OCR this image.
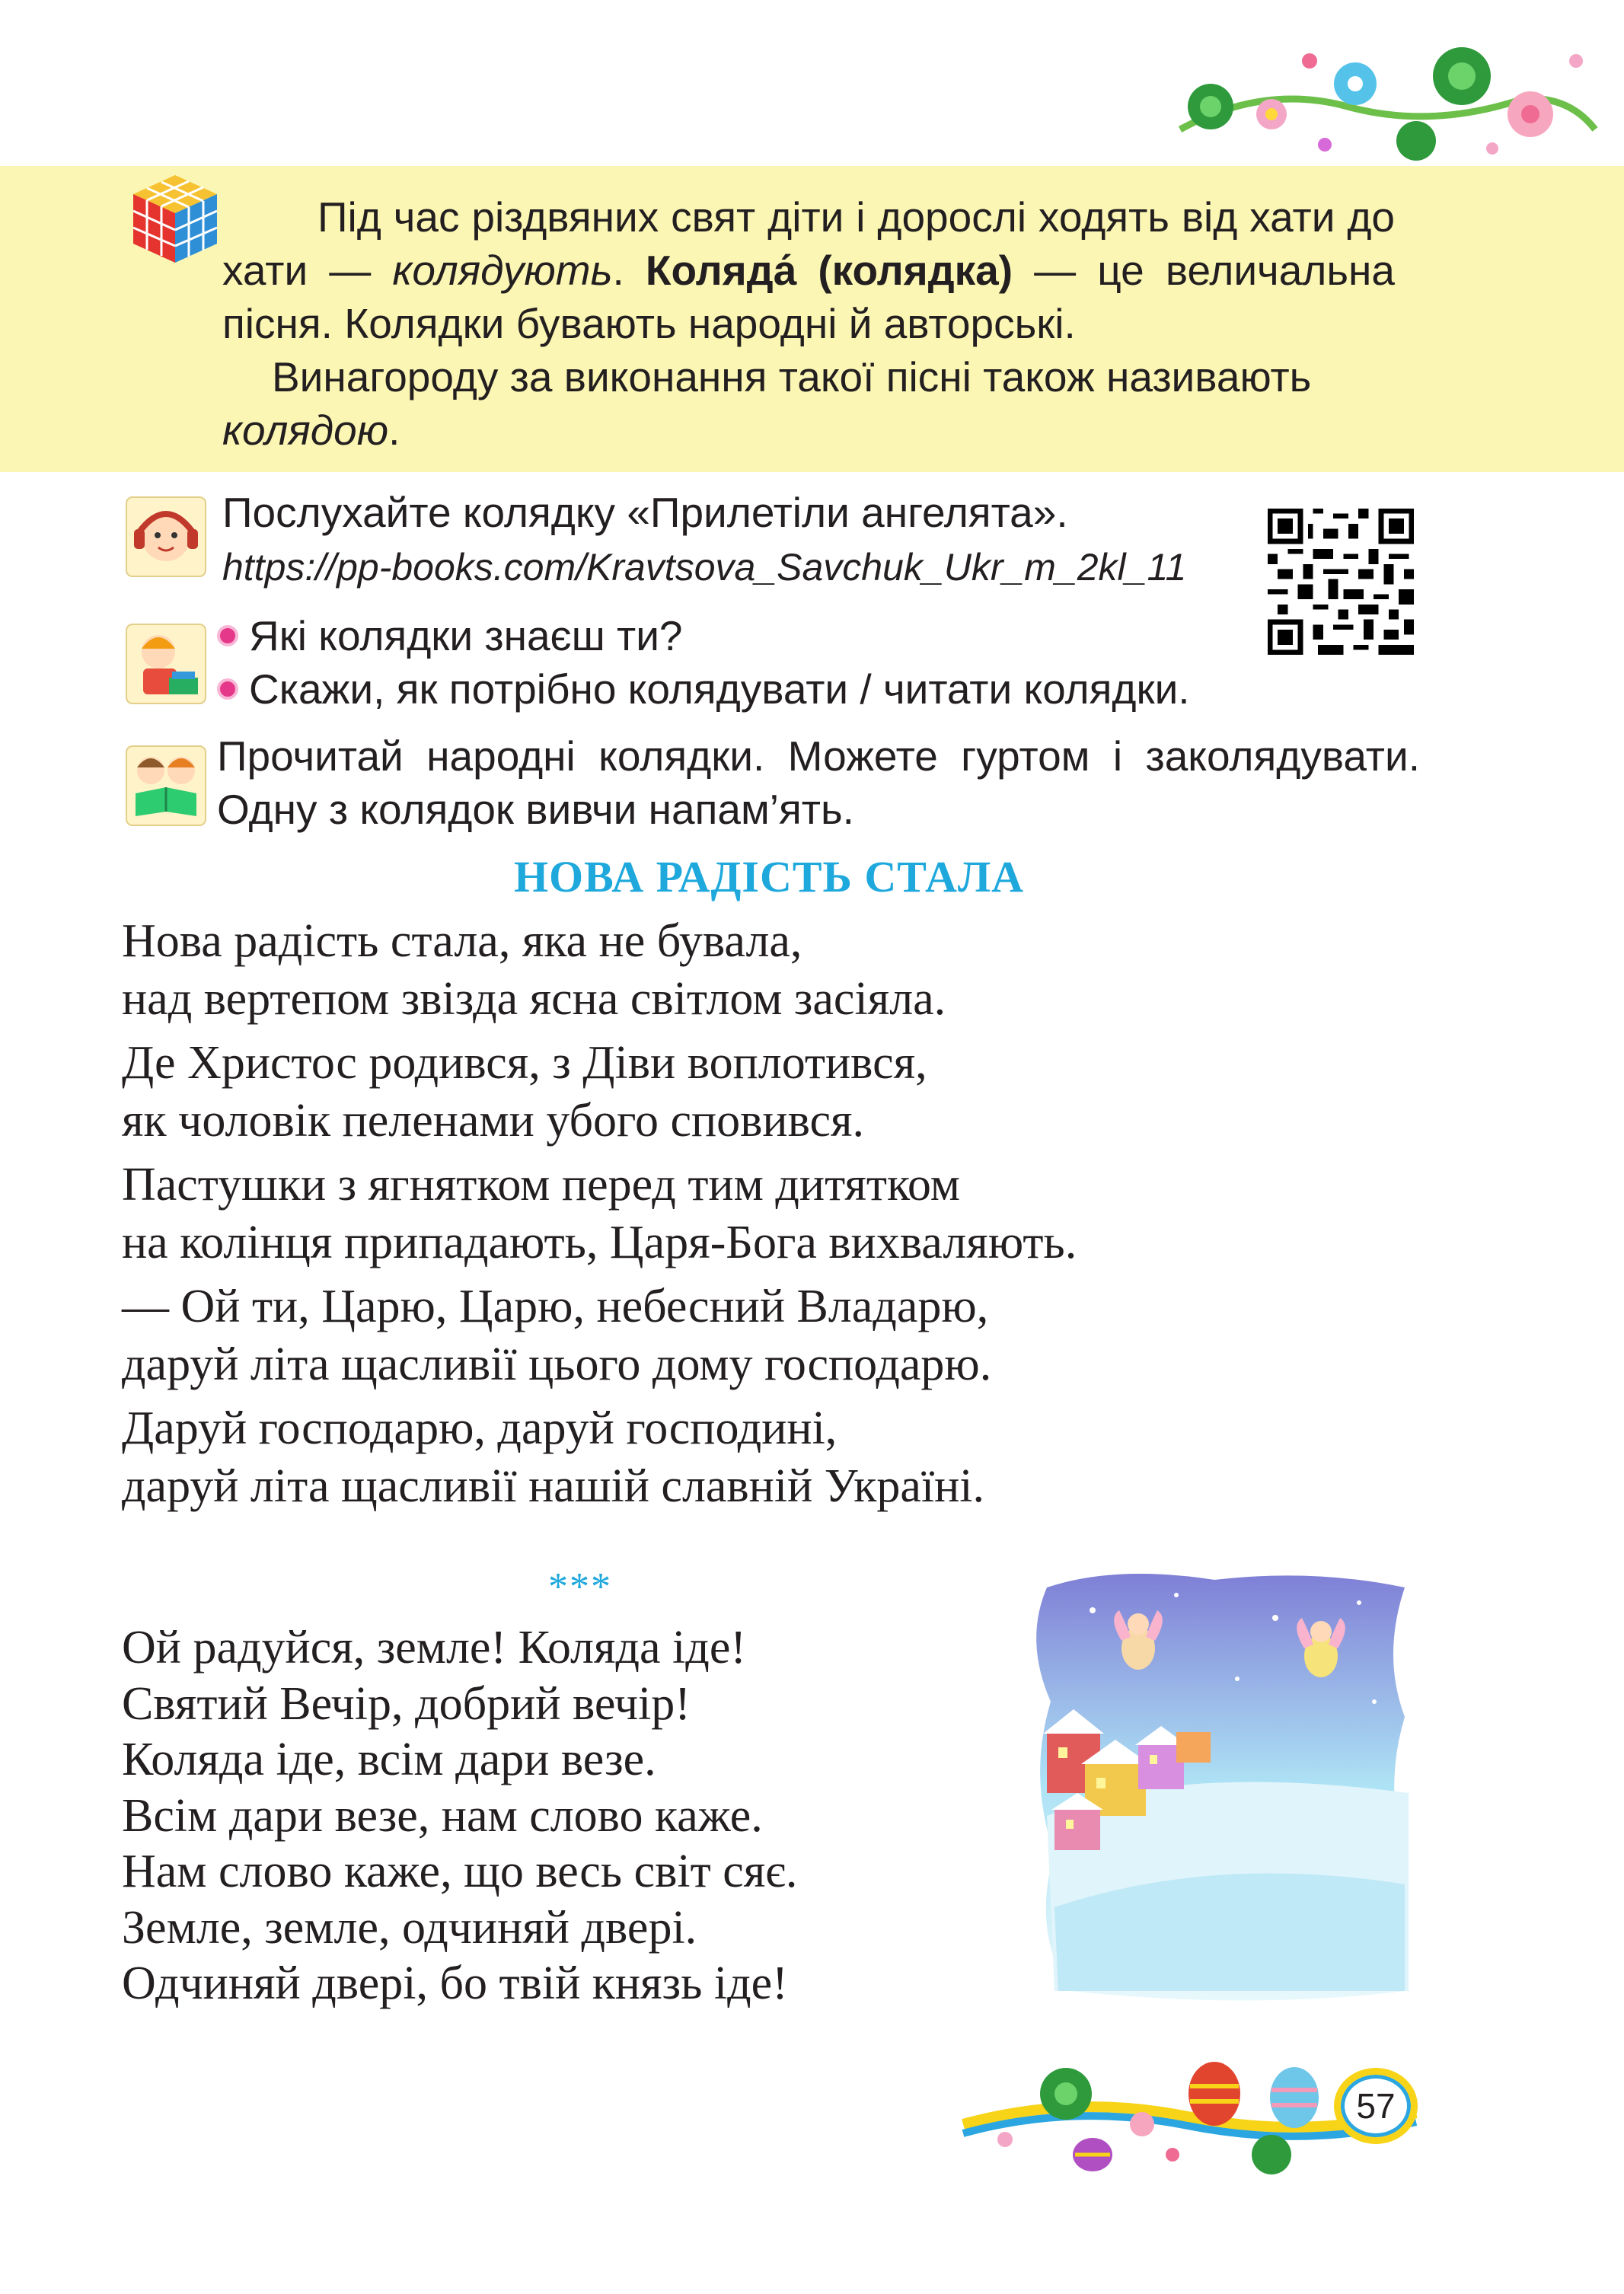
Під час різдвяних свят діти і дорослі ходять від хати до хати — колядують. Коляда́ (колядка) — це величальна пісня. Колядки бувають народні й авторські.

Винагороду за виконання такої пісні також називають колядою.

Послухайте колядку «Прилетіли ангелята».

https://pp-books.com/Kravtsova_Savchuk_Ukr_m_2kl_11

Які колядки знаєш ти?

Скажи, як потрібно колядувати / читати колядки.

Прочитай народні колядки. Можете гуртом і заколядувати. Одну з колядок вивчи напам’ять.

НОВА РАДІСТЬ СТАЛА
Нова радість стала, яка не бувала,
над вертепом звізда ясна світлом засіяла.
Де Христос родився, з Діви воплотився,
як чоловік пеленами убого сповився.
Пастушки з ягнятком перед тим дитятком
на колінця припадають, Царя-Бога вихваляють.
— Ой ти, Царю, Царю, небесний Владарю,
даруй літа щасливії цього дому господарю.
Даруй господарю, даруй господині,
даруй літа щасливії нашій славній Україні.

***

Ой радуйся, земле! Коляда іде!
Святий Вечір, добрий вечір!
Коляда іде, всім дари везе.
Всім дари везе, нам слово каже.
Нам слово каже, що весь світ сяє.
Земле, земле, одчиняй двері.
Одчиняй двері, бо твій князь іде!
57
